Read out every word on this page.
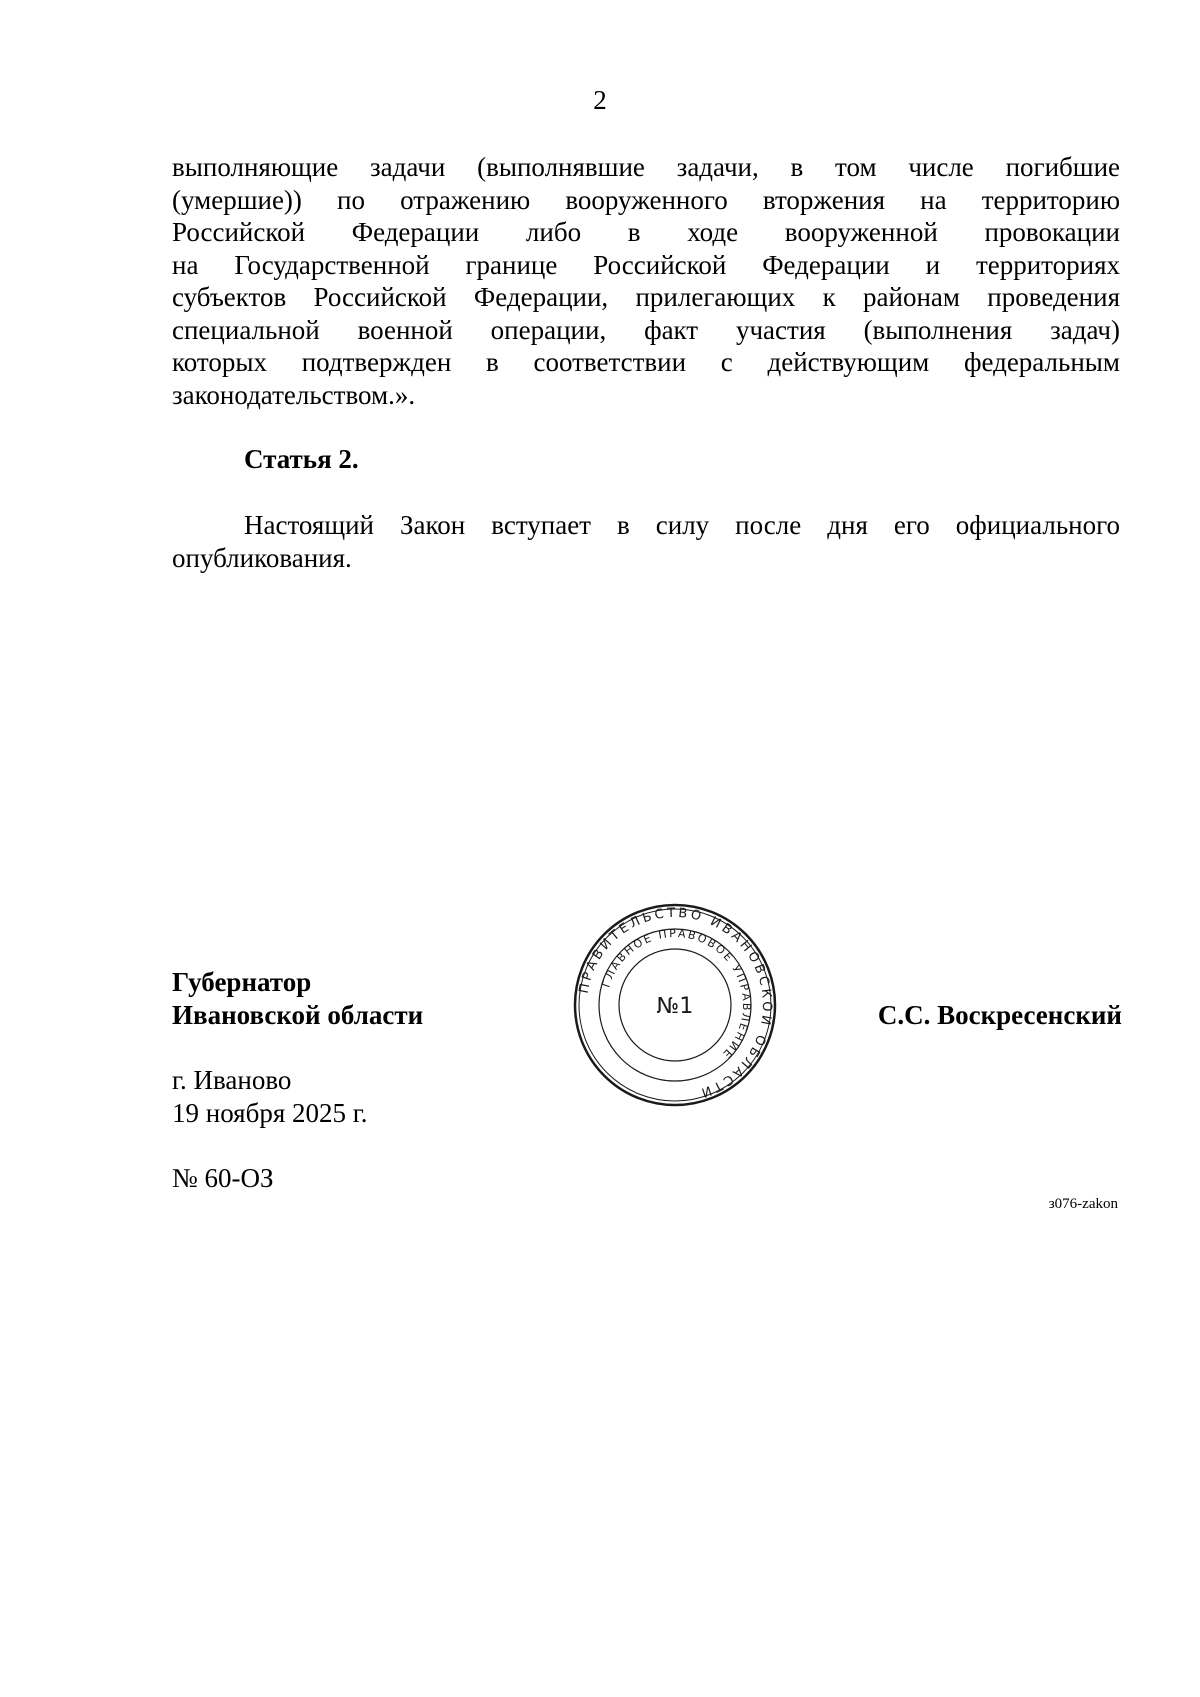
2

выполняющие задачи (выполнявшие задачи, в том числе погибшие
(умершие)) по отражению вооруженного вторжения на территорию
Российской Федерации либо в ходе вооруженной провокации
на Государственной границе Российской Федерации и территориях
субъектов Российской Федерации, прилегающих к районам проведения
специальной военной операции, факт участия (выполнения задач)
которых подтвержден в соответствии с действующим федеральным
законодательством.».

Статья 2.

Настоящий Закон вступает в силу после дня его официального
опубликования.

Губернатор
Ивановской области	С.С. Воскресенский
ПРАВИТЕЛЬСТВО ИВАНОВСКОЙ ОБЛАСТИ
ГЛАВНОЕ ПРАВОВОЕ УПРАВЛЕНИЕ
№1
г. Иваново
19 ноября 2025 г.
№ 60-ОЗ
з076-zakon
